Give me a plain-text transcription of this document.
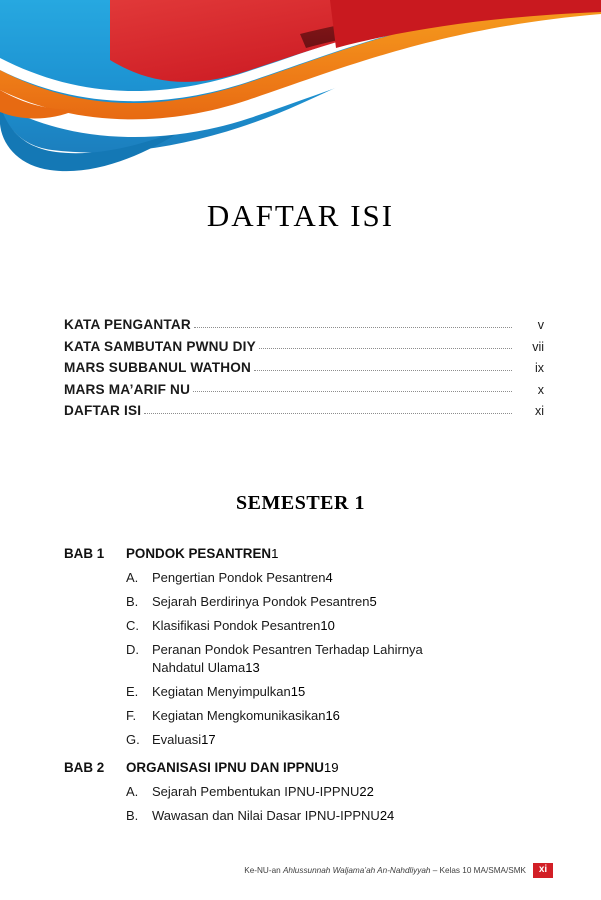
DAFTAR ISI
KATA PENGANTAR	v
KATA SAMBUTAN PWNU DIY	vii
MARS SUBBANUL WATHON	ix
MARS MA’ARIF NU	x
DAFTAR ISI	xi
SEMESTER 1
BAB 1	PONDOK PESANTREN 1
A.	Pengertian Pondok Pesantren 4
B.	Sejarah Berdirinya Pondok Pesantren 5
C.	Klasifikasi Pondok Pesantren 10
D.	Peranan Pondok Pesantren Terhadap Lahirnya
Nahdatul Ulama 13
E.	Kegiatan Menyimpulkan 15
F.	Kegiatan Mengkomunikasikan 16
G. Evaluasi 17
BAB 2	ORGANISASI IPNU DAN IPPNU 19
A.	Sejarah Pembentukan IPNU-IPPNU 22
B.	Wawasan dan Nilai Dasar IPNU-IPPNU 24
Ke-NU-an Ahlussunnah Waljama’ah An-Nahdliyyah – Kelas 10 MA/SMA/SMK	xi
